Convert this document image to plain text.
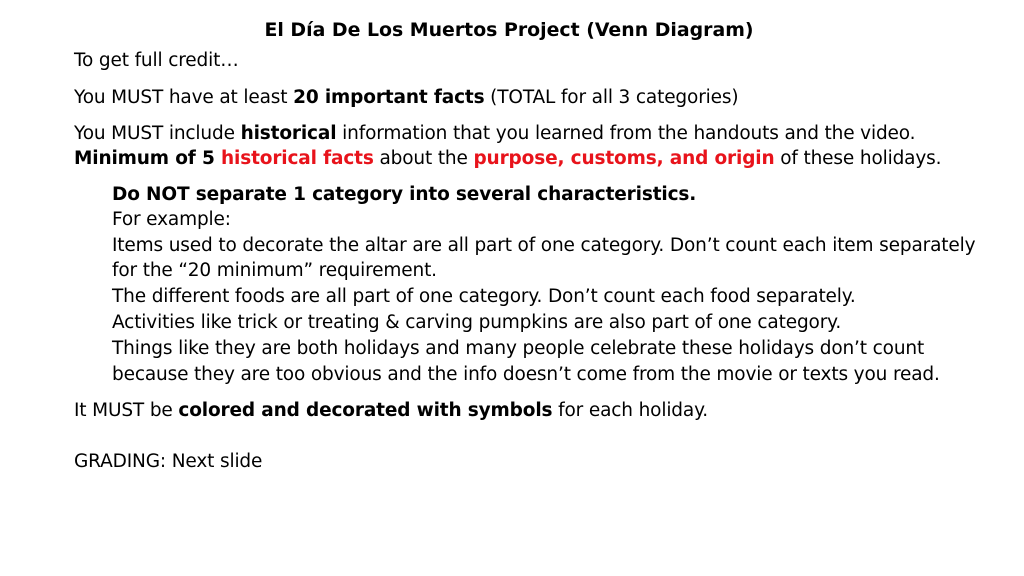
El Día De Los Muertos Project (Venn Diagram)
To get full credit…
You MUST have at least 20 important facts (TOTAL for all 3 categories)
You MUST include historical information that you learned from the handouts and the video.
Minimum of 5 historical facts about the purpose, customs, and origin of these holidays.
Do NOT separate 1 category into several characteristics.
For example:
Items used to decorate the altar are all part of one category. Don’t count each item separately
for the “20 minimum” requirement.
The different foods are all part of one category. Don’t count each food separately.
Activities like trick or treating & carving pumpkins are also part of one category.
Things like they are both holidays and many people celebrate these holidays don’t count
because they are too obvious and the info doesn’t come from the movie or texts you read.
It MUST be colored and decorated with symbols for each holiday.
GRADING: Next slide
